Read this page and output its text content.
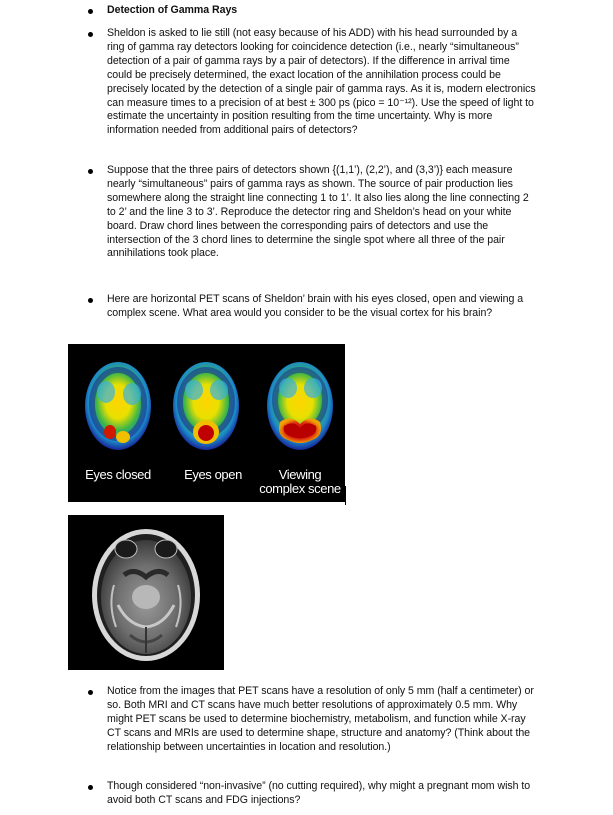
Detection of Gamma Rays
Sheldon is asked to lie still (not easy because of his ADD) with his head surrounded by a ring of gamma ray detectors looking for coincidence detection (i.e., nearly “simultaneous” detection of a pair of gamma rays by a pair of detectors). If the difference in arrival time could be precisely determined, the exact location of the annihilation process could be precisely located by the detection of a single pair of gamma rays. As it is, modern electronics can measure times to a precision of at best ± 300 ps (pico = 10⁻¹²). Use the speed of light to estimate the uncertainty in position resulting from the time uncertainty. Why is more information needed from additional pairs of detectors?
Suppose that the three pairs of detectors shown {(1,1’), (2,2’), and (3,3’)} each measure nearly “simultaneous” pairs of gamma rays as shown. The source of pair production lies somewhere along the straight line connecting 1 to 1’. It also lies along the line connecting 2 to 2’ and the line 3 to 3’. Reproduce the detector ring and Sheldon’s head on your white board. Draw chord lines between the corresponding pairs of detectors and use the intersection of the 3 chord lines to determine the single spot where all three of the pair annihilations took place.
Here are horizontal PET scans of Sheldon’ brain with his eyes closed, open and viewing a complex scene. What area would you consider to be the visual cortex for his brain?
Eyes closed	Eyes open	Viewing
complex scene
Notice from the images that PET scans have a resolution of only 5 mm (half a centimeter) or so. Both MRI and CT scans have much better resolutions of approximately 0.5 mm. Why might PET scans be used to determine biochemistry, metabolism, and function while X-ray CT scans and MRIs are used to determine shape, structure and anatomy? (Think about the relationship between uncertainties in location and resolution.)
Though considered “non-invasive” (no cutting required), why might a pregnant mom wish to avoid both CT scans and FDG injections?
